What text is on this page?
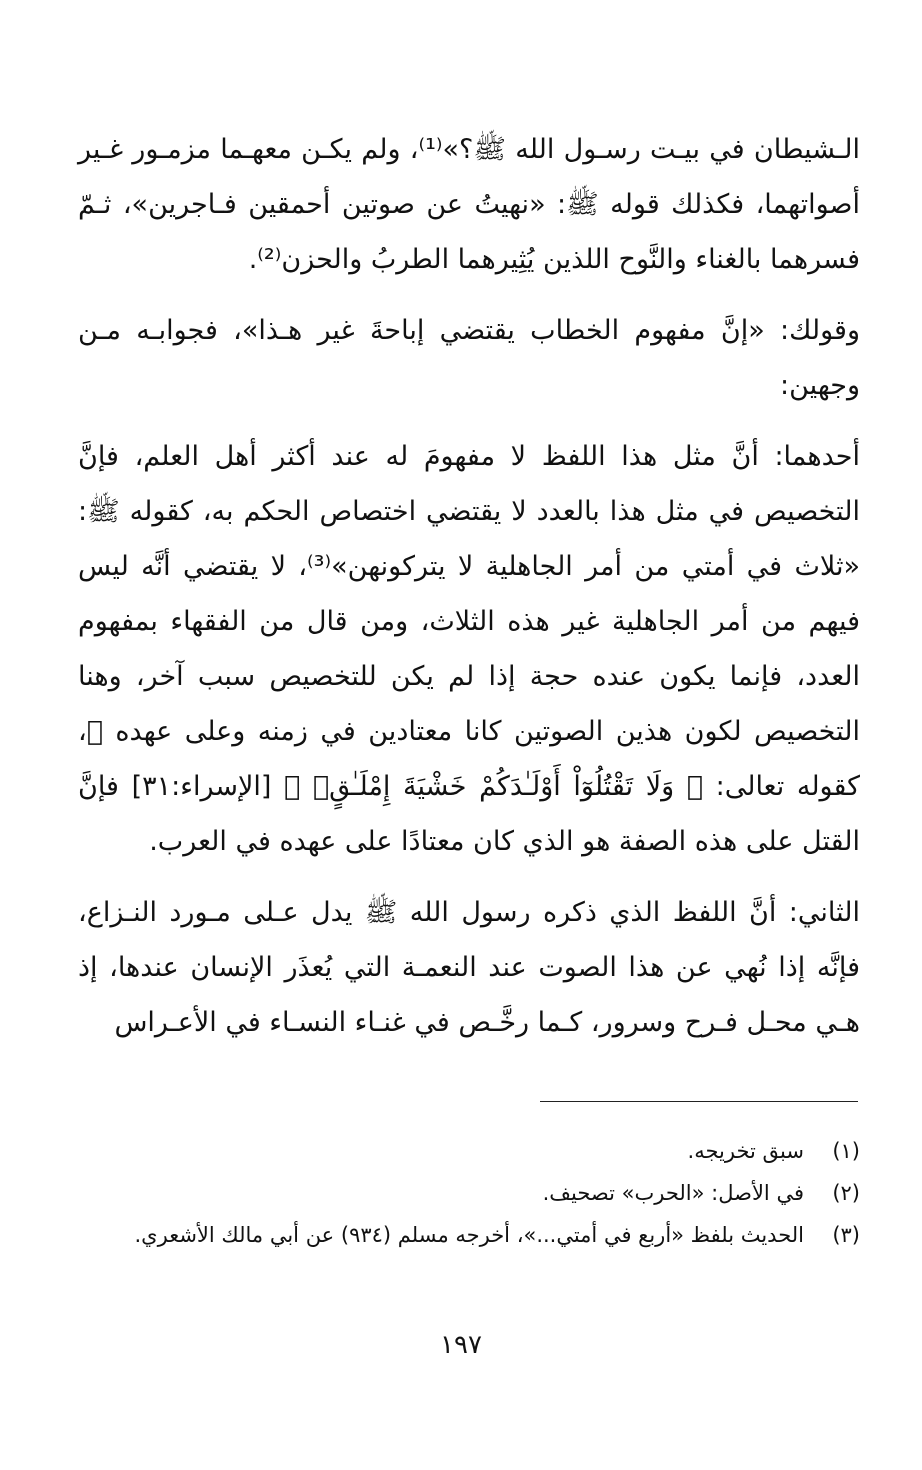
الـشيطان في بيـت رسـول الله ﷺ؟»⁽¹⁾، ولم يكـن معهـما مزمـور غـير أصواتهما، فكذلك قوله ﷺ: «نهيتُ عن صوتين أحمقين فـاجرين»، ثـمّ فسرهما بالغناء والنَّوح اللذين يُثِيرهما الطربُ والحزن⁽²⁾.

وقولك: «إنَّ مفهوم الخطاب يقتضي إباحةَ غير هـذا»، فجوابـه مـن وجهين:

أحدهما: أنَّ مثل هذا اللفظ لا مفهومَ له عند أكثر أهل العلم، فإنَّ التخصيص في مثل هذا بالعدد لا يقتضي اختصاص الحكم به، كقوله ﷺ: «ثلاث في أمتي من أمر الجاهلية لا يتركونهن»⁽³⁾، لا يقتضي أنَّه ليس فيهم من أمر الجاهلية غير هذه الثلاث، ومن قال من الفقهاء بمفهوم العدد، فإنما يكون عنده حجة إذا لم يكن للتخصيص سبب آخر، وهنا التخصيص لكون هذين الصوتين كانا معتادين في زمنه وعلى عهده ﷺ، كقوله تعالى: ﴿ وَلَا تَقْتُلُوٓاْ أَوْلَـٰدَكُمْ خَشْيَةَ إِمْلَـٰقٍۢ ﴾ [الإسراء:٣١] فإنَّ القتل على هذه الصفة هو الذي كان معتادًا على عهده في العرب.

الثاني: أنَّ اللفظ الذي ذكره رسول الله ﷺ يدل عـلى مـورد النـزاع، فإنَّه إذا نُهي عن هذا الصوت عند النعمـة التي يُعذَر الإنسان عندها، إذ هـي محـل فـرح وسرور، كـما رخَّـص في غنـاء النسـاء في الأعـراس

(١)
سبق تخريجه.
(٢)
في الأصل: «الحرب» تصحيف.
(٣)
الحديث بلفظ «أربع في أمتي...»، أخرجه مسلم (٩٣٤) عن أبي مالك الأشعري.
١٩٧
